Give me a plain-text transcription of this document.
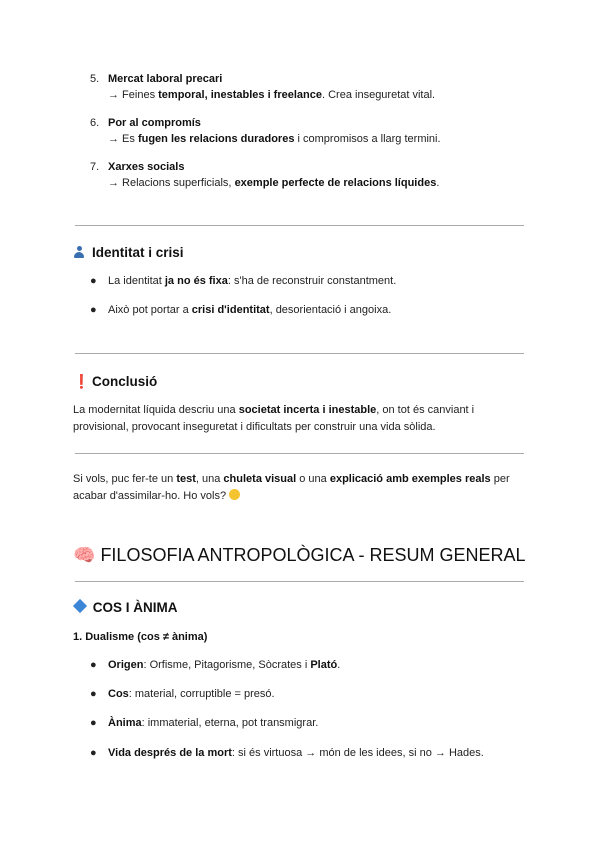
5. Mercat laboral precari
→ Feines temporal, inestables i freelance. Crea inseguretat vital.
6. Por al compromís
→ Es fugen les relacions duradores i compromisos a llarg termini.
7. Xarxes socials
→ Relacions superficials, exemple perfecte de relacions líquides.
Identitat i crisi
● La identitat ja no és fixa: s'ha de reconstruir constantment.
● Això pot portar a crisi d'identitat, desorientació i angoixa.
❗ Conclusió
La modernitat líquida descriu una societat incerta i inestable, on tot és canviant i provisional, provocant inseguretat i dificultats per construir una vida sòlida.
Si vols, puc fer-te un test, una chuleta visual o una explicació amb exemples reals per acabar d'assimilar-ho. Ho vols?
🧠 FILOSOFIA ANTROPOLÒGICA - RESUM GENERAL
COS I ÀNIMA
1. Dualisme (cos ≠ ànima)
● Origen: Orfisme, Pitagorisme, Sòcrates i Plató.
● Cos: material, corruptible = presó.
● Ànima: immaterial, eterna, pot transmigrar.
● Vida després de la mort: si és virtuosa → món de les idees, si no → Hades.
